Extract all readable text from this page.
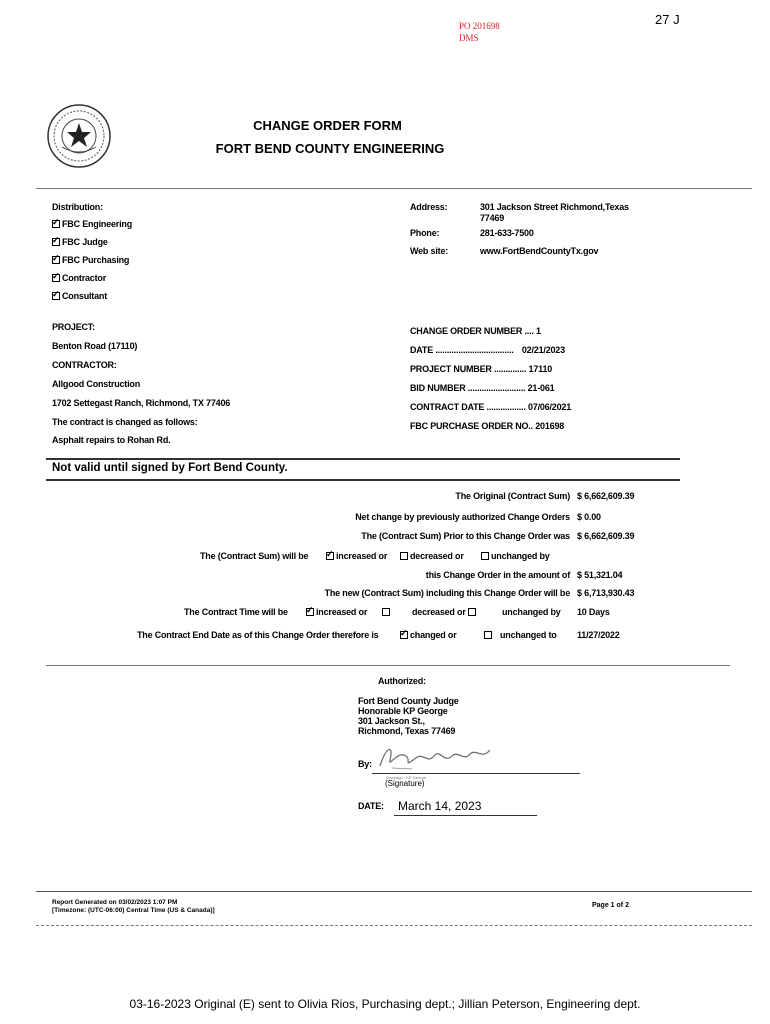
PO 201698
DMS
27 J
CHANGE ORDER FORM
FORT BEND COUNTY ENGINEERING
Distribution:
✓FBC Engineering
✓FBC Judge
✓FBC Purchasing
✓Contractor
✓Consultant
Address:	301 Jackson Street Richmond,Texas
77469
Phone:	281-633-7500
Web site:	www.FortBendCountyTx.gov
PROJECT:
Benton Road (17110)
CONTRACTOR:
Allgood Construction
1702 Settegast Ranch, Richmond, TX 77406
The contract is changed as follows:
Asphalt repairs to Rohan Rd.
CHANGE ORDER NUMBER .... 1
DATE .................................. 02/21/2023
PROJECT NUMBER .............. 17110
BID NUMBER ......................... 21-061
CONTRACT DATE ................. 07/06/2021
FBC PURCHASE ORDER NO.. 201698
Not valid until signed by Fort Bend County.
The Original (Contract Sum) $ 6,662,609.39
Net change by previously authorized Change Orders $ 0.00
The (Contract Sum) Prior to this Change Order was $ 6,662,609.39
The (Contract Sum) will be ✓	increased or	decreased or	unchanged by
this Change Order in the amount of $ 51,321.04
The new (Contract Sum) including this Change Order will be $ 6,713,930.43
The Contract Time will be ✓	increased or	decreased or	unchanged by 10 Days
The Contract End Date as of this Change Order therefore is ✓	changed or	unchanged to 11/27/2022
Authorized:
Fort Bend County Judge
Honorable KP George
301 Jackson St.,
Richmond, Texas 77469
By:
Docusign · KP George
(Signature)
DATE: March 14, 2023
Report Generated on 03/02/2023 1:07 PM
[Timezone: (UTC-06:00) Central Time (US & Canada)]
Page 1 of 2
03-16-2023 Original (E) sent to Olivia Rios, Purchasing dept.; Jillian Peterson, Engineering dept.
